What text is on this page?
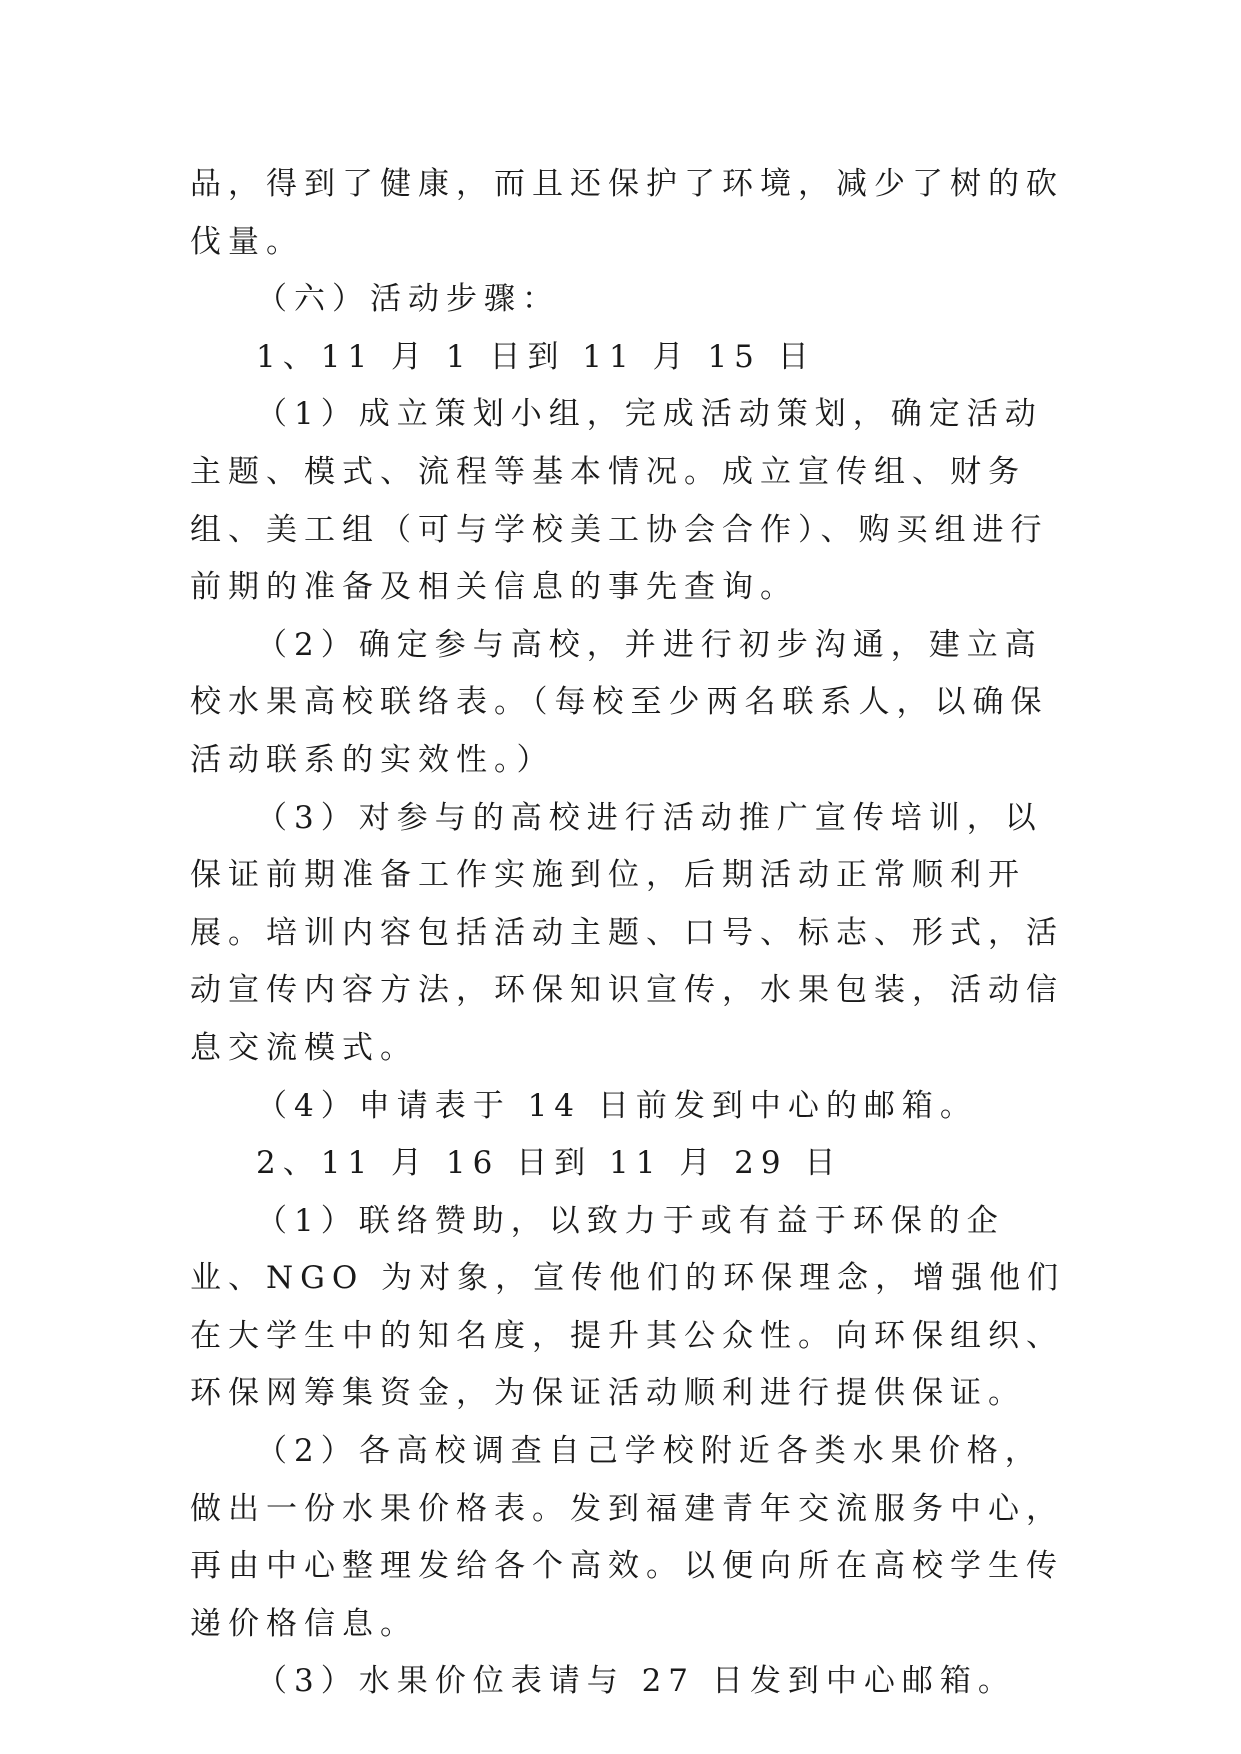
品，得到了健康，而且还保护了环境，减少了树的砍伐量。

（六）活动步骤：

1、11 月 1 日到 11 月 15 日

（1）成立策划小组，完成活动策划，确定活动主题、模式、流程等基本情况。成立宣传组、财务组、美工组（可与学校美工协会合作）、购买组进行前期的准备及相关信息的事先查询。

（2）确定参与高校，并进行初步沟通，建立高校水果高校联络表。（每校至少两名联系人，以确保活动联系的实效性。）

（3）对参与的高校进行活动推广宣传培训，以保证前期准备工作实施到位，后期活动正常顺利开展。培训内容包括活动主题、口号、标志、形式，活动宣传内容方法，环保知识宣传，水果包装，活动信息交流模式。

（4）申请表于 14 日前发到中心的邮箱。

2、11 月 16 日到 11 月 29 日

（1）联络赞助，以致力于或有益于环保的企业、NGO 为对象，宣传他们的环保理念，增强他们在大学生中的知名度，提升其公众性。向环保组织、环保网筹集资金，为保证活动顺利进行提供保证。

（2）各高校调查自己学校附近各类水果价格，做出一份水果价格表。发到福建青年交流服务中心，再由中心整理发给各个高效。以便向所在高校学生传递价格信息。

（3）水果价位表请与 27 日发到中心邮箱。
